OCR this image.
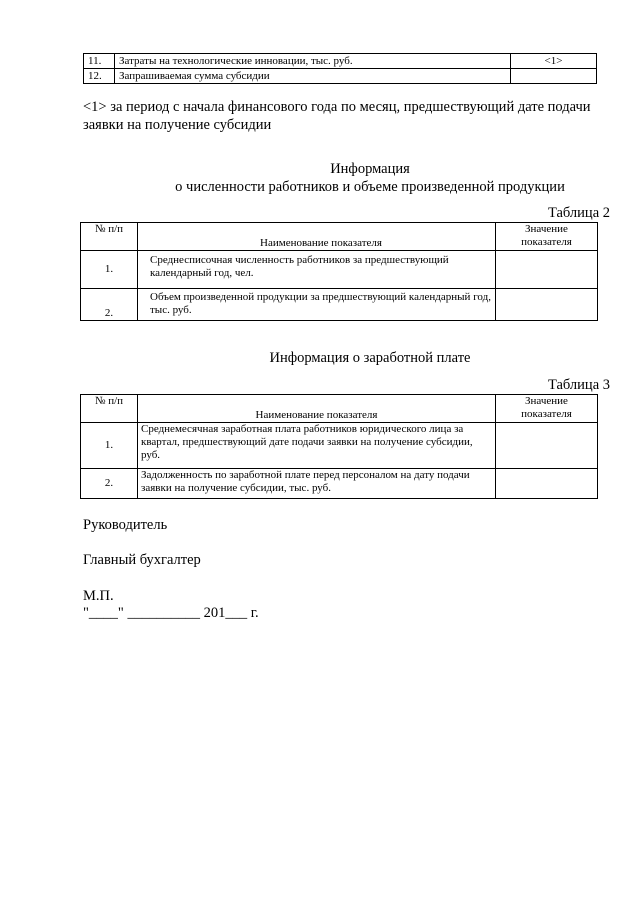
11.	Затраты на технологические инновации, тыс. руб.	<1>
12.	Запрашиваемая сумма субсидии	
<1> за период с начала финансового года по месяц, предшествующий дате подачи заявки на получение субсидии
Информация
о численности работников и объеме произведенной продукции
Таблица 2
№ п/п	Наименование показателя	Значение показателя
1.	Среднесписочная численность работников за предшествующий календарный год, чел.	
2.	Объем произведенной продукции за предшествующий календарный год, тыс. руб.	
Информация о заработной плате
Таблица 3
№ п/п	Наименование показателя	Значение показателя
1.	Среднемесячная заработная плата работников юридического лица за квартал, предшествующий дате подачи заявки на получение субсидии, руб.	
2.	Задолженность по заработной плате перед персоналом на дату подачи заявки на получение субсидии, тыс. руб.	
Руководитель
Главный бухгалтер
М.П.
"____" __________ 201___ г.
